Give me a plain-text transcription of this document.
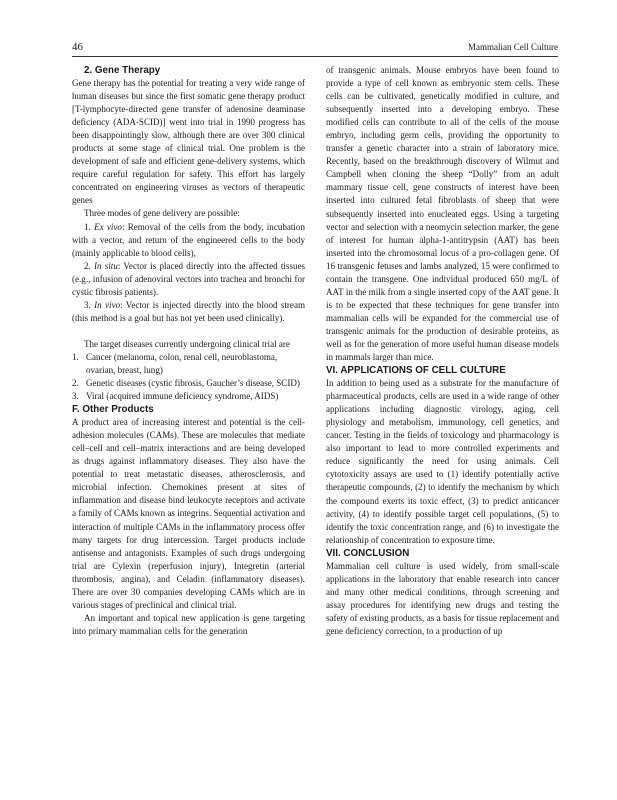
46	Mammalian Cell Culture
2. Gene Therapy

Gene therapy has the potential for treating a very wide range of human diseases but since the first somatic gene therapy product [T-lymphocyte-directed gene transfer of adenosine deaminase deficiency (ADA-SCID)] went into trial in 1990 progress has been disappointingly slow, although there are over 300 clinical products at some stage of clinical trial. One problem is the development of safe and efficient gene-delivery systems, which require careful regulation for safety. This effort has largely concentrated on engineering viruses as vectors of therapeutic genes

Three modes of gene delivery are possible:

1. Ex vivo: Removal of the cells from the body, incubation with a vector, and return of the engineered cells to the body (mainly applicable to blood cells),
2. In situ: Vector is placed directly into the affected tissues (e.g., infusion of adenoviral vectors into trachea and bronchi for cystic fibrosis patients).
3. In vivo: Vector is injected directly into the blood stream (this method is a goal but has not yet been used clinically).

The target diseases currently undergoing clinical trial are

1. Cancer (melanoma, colon, renal cell, neuroblastoma, ovarian, breast, lung)
2. Genetic diseases (cystic fibrosis, Gaucher’s disease, SCID)
3. Viral (acquired immune deficiency syndrome, AIDS)
F. Other Products

A product area of increasing interest and potential is the cell-adhesion molecules (CAMs). These are molecules that mediate cell–cell and cell–matrix interactions and are being developed as drugs against inflammatory diseases. They also have the potential to treat metastatic diseases, atherosclerosis, and microbial infection. Chemokines present at sites of inflammation and disease bind leukocyte receptors and activate a family of CAMs known as integrins. Sequential activation and interaction of multiple CAMs in the inflammatory process offer many targets for drug intercession. Target products include antisense and antagonists. Examples of such drugs undergoing trial are Cylexin (reperfusion injury), Integretin (arterial thrombosis, angina), and Celadin (inflammatory diseases). There are over 30 companies developing CAMs which are in various stages of preclinical and clinical trial.

An important and topical new application is gene targeting into primary mammalian cells for the generation

of transgenic animals. Mouse embryos have been found to provide a type of cell known as embryonic stem cells. These cells can be cultivated, genetically modified in culture, and subsequently inserted into a developing embryo. These modified cells can contribute to all of the cells of the mouse embryo, including germ cells, providing the opportunity to transfer a genetic character into a strain of laboratory mice. Recently, based on the breakthrough discovery of Wilmut and Campbell when cloning the sheep “Dolly” from an adult mammary tissue cell, gene constructs of interest have been inserted into cultured fetal fibroblasts of sheep that were subsequently inserted into enucleated eggs. Using a targeting vector and selection with a neomycin selection marker, the gene of interest for human alpha-1-antitrypsin (AAT) has been inserted into the chromosomal locus of a pro-collagen gene. Of 16 transgenic fetuses and lambs analyzed, 15 were confirmed to contain the transgene. One individual produced 650 mg/L of AAT in the milk from a single inserted copy of the AAT gene. It is to be expected that these techniques for gene transfer into mammalian cells will be expanded for the commercial use of transgenic animals for the production of desirable proteins, as well as for the generation of more useful human disease models in mammals larger than mice.

VI. APPLICATIONS OF CELL CULTURE

In addition to being used as a substrate for the manufacture of pharmaceutical products, cells are used in a wide range of other applications including diagnostic virology, aging, cell physiology and metabolism, immunology, cell genetics, and cancer. Testing in the fields of toxicology and pharmacology is also important to lead to more controlled experiments and reduce significantly the need for using animals. Cell cytotoxicity assays are used to (1) identify potentially active therapeutic compounds, (2) to identify the mechanism by which the compound exerts its toxic effect, (3) to predict anticancer activity, (4) to identify possible target cell populations, (5) to identify the toxic concentration range, and (6) to investigate the relationship of concentration to exposure time.

VII. CONCLUSION

Mammalian cell culture is used widely, from small-scale applications in the laboratory that enable research into cancer and many other medical conditions, through screening and assay procedures for identifying new drugs and testing the safety of existing products, as a basis for tissue replacement and gene deficiency correction, to a production of up
